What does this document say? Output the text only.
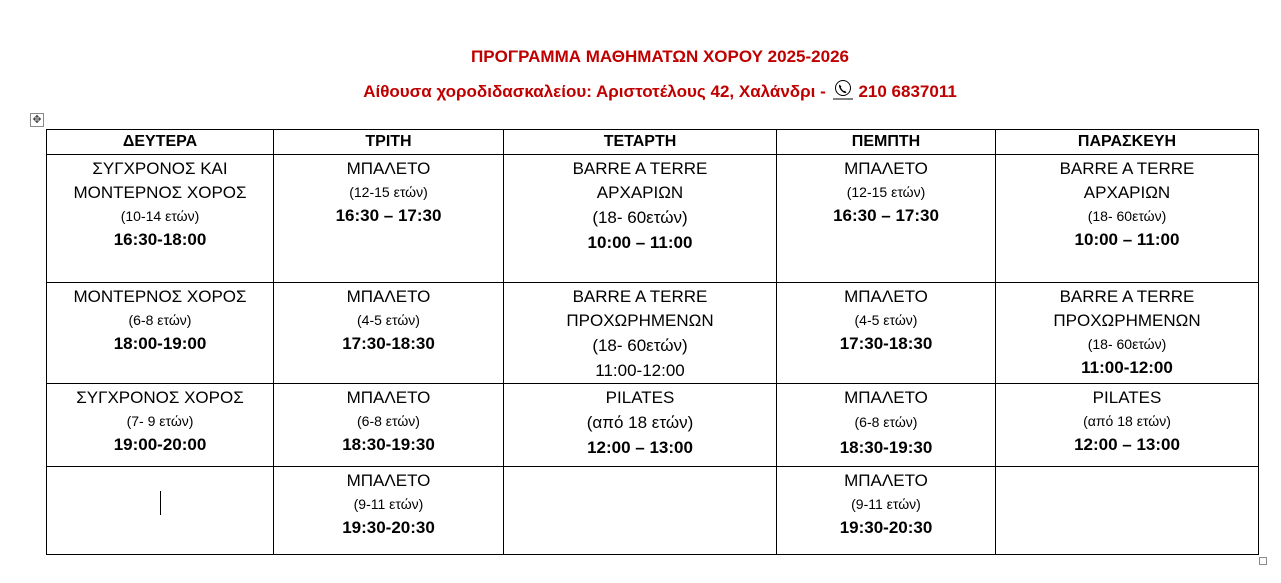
ΠΡΟΓΡΑΜΜΑ ΜΑΘΗΜΑΤΩΝ ΧΟΡΟΥ 2025-2026
Αίθουσα χοροδιδασκαλείου: Αριστοτέλους 42, Χαλάνδρι - 210 6837011
✥
ΔΕΥΤΕΡΑ	ΤΡΙΤΗ	ΤΕΤΑΡΤΗ	ΠΕΜΠΤΗ	ΠΑΡΑΣΚΕΥΗ

ΣΥΓΧΡΟΝΟΣ ΚΑΙ
ΜΟΝΤΕΡΝΟΣ ΧΟΡΟΣ
(10-14 ετών)
16:30-18:00	ΜΠΑΛΕΤΟ
(12-15 ετών)
16:30 – 17:30	BARRE A TERRE
ΑΡΧΑΡΙΩΝ
(18- 60ετών)
10:00 – 11:00	ΜΠΑΛΕΤΟ
(12-15 ετών)
16:30 – 17:30	BARRE A TERRE
ΑΡΧΑΡΙΩΝ
(18- 60ετών)
10:00 – 11:00

ΜΟΝΤΕΡΝΟΣ ΧΟΡΟΣ
(6-8 ετών)
18:00-19:00	ΜΠΑΛΕΤΟ
(4-5 ετών)
17:30-18:30	BARRE A TERRE
ΠΡΟΧΩΡΗΜΕΝΩΝ
(18- 60ετών)
11:00-12:00	ΜΠΑΛΕΤΟ
(4-5 ετών)
17:30-18:30	BARRE A TERRE
ΠΡΟΧΩΡΗΜΕΝΩΝ
(18- 60ετών)
11:00-12:00

ΣΥΓΧΡΟΝΟΣ ΧΟΡΟΣ
(7- 9 ετών)
19:00-20:00	ΜΠΑΛΕΤΟ
(6-8 ετών)
18:30-19:30	PILATES
(από 18 ετών)
12:00 – 13:00	ΜΠΑΛΕΤΟ
(6-8 ετών)
18:30-19:30	PILATES
(από 18 ετών)
12:00 – 13:00

	ΜΠΑΛΕΤΟ
(9-11 ετών)
19:30-20:30		ΜΠΑΛΕΤΟ
(9-11 ετών)
19:30-20:30	
